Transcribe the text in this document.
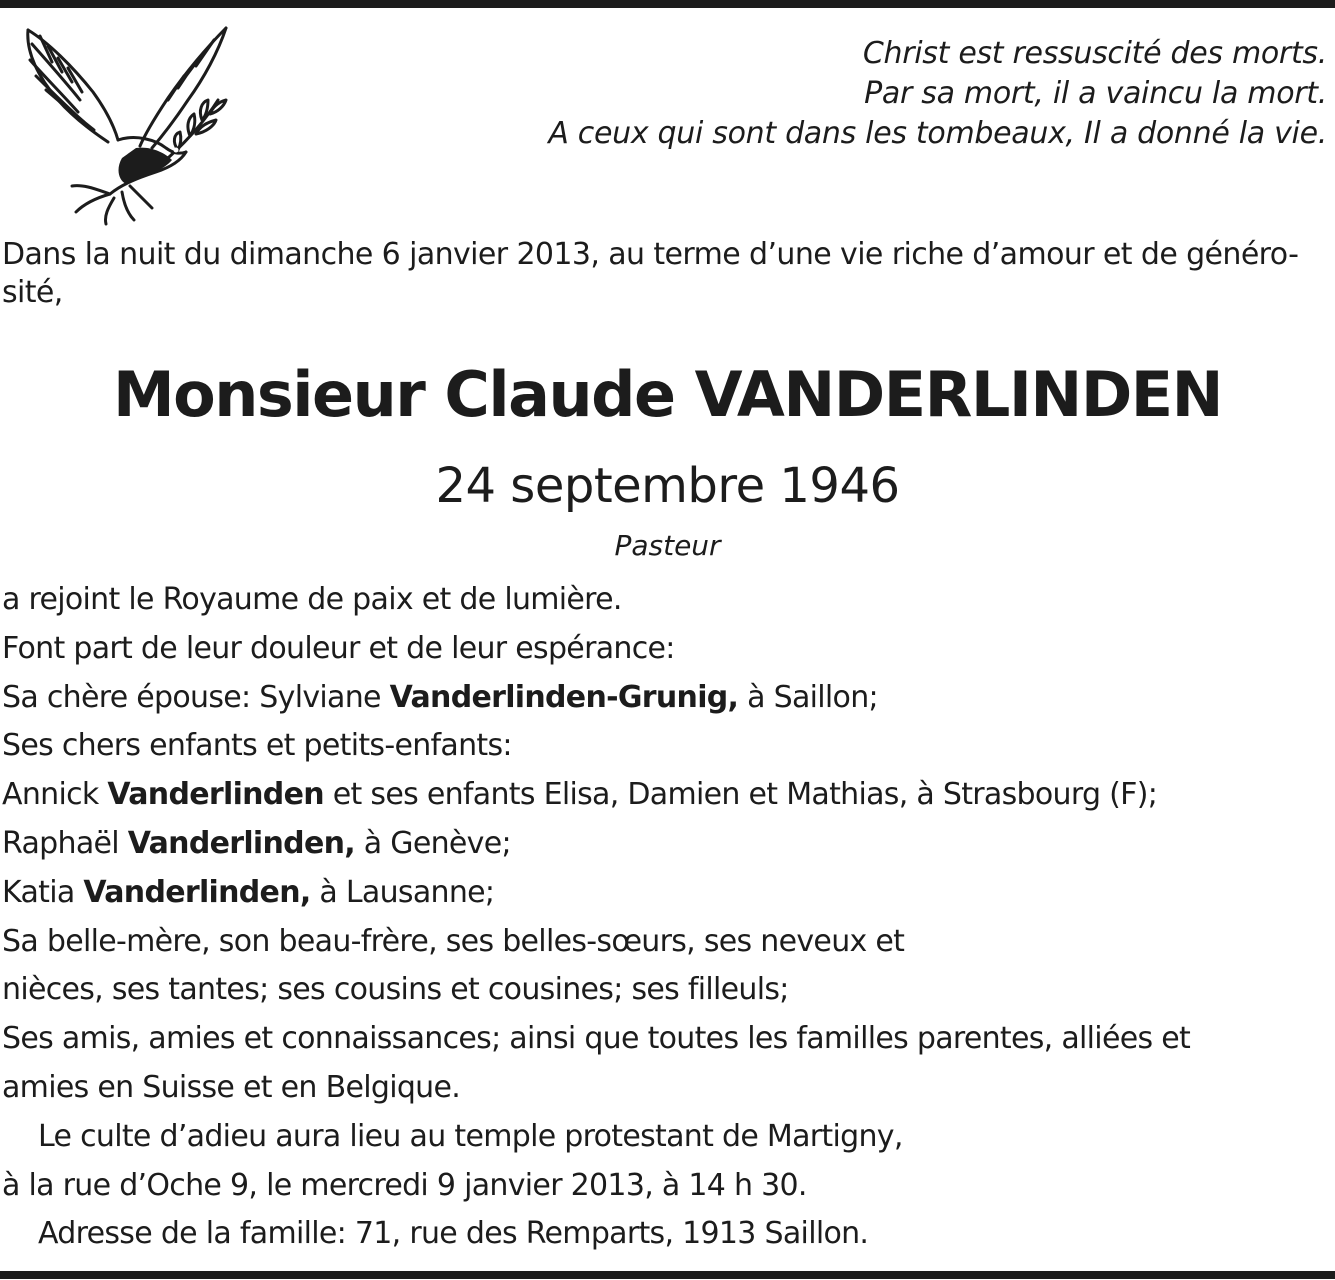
Christ est ressuscité des morts.
Par sa mort, il a vaincu la mort.
A ceux qui sont dans les tombeaux, Il a donné la vie.
Dans la nuit du dimanche 6 janvier 2013, au terme d’une vie riche d’amour et de généro-
sité,
Monsieur Claude VANDERLINDEN
24 septembre 1946
Pasteur
a rejoint le Royaume de paix et de lumière.
Font part de leur douleur et de leur espérance:
Sa chère épouse: Sylviane Vanderlinden-Grunig, à Saillon;
Ses chers enfants et petits-enfants:
Annick Vanderlinden et ses enfants Elisa, Damien et Mathias, à Strasbourg (F);
Raphaël Vanderlinden, à Genève;
Katia Vanderlinden, à Lausanne;
Sa belle-mère, son beau-frère, ses belles-sœurs, ses neveux et
nièces, ses tantes; ses cousins et cousines; ses filleuls;
Ses amis, amies et connaissances; ainsi que toutes les familles parentes, alliées et
amies en Suisse et en Belgique.
Le culte d’adieu aura lieu au temple protestant de Martigny,
à la rue d’Oche 9, le mercredi 9 janvier 2013, à 14 h 30.
Adresse de la famille: 71, rue des Remparts, 1913 Saillon.
